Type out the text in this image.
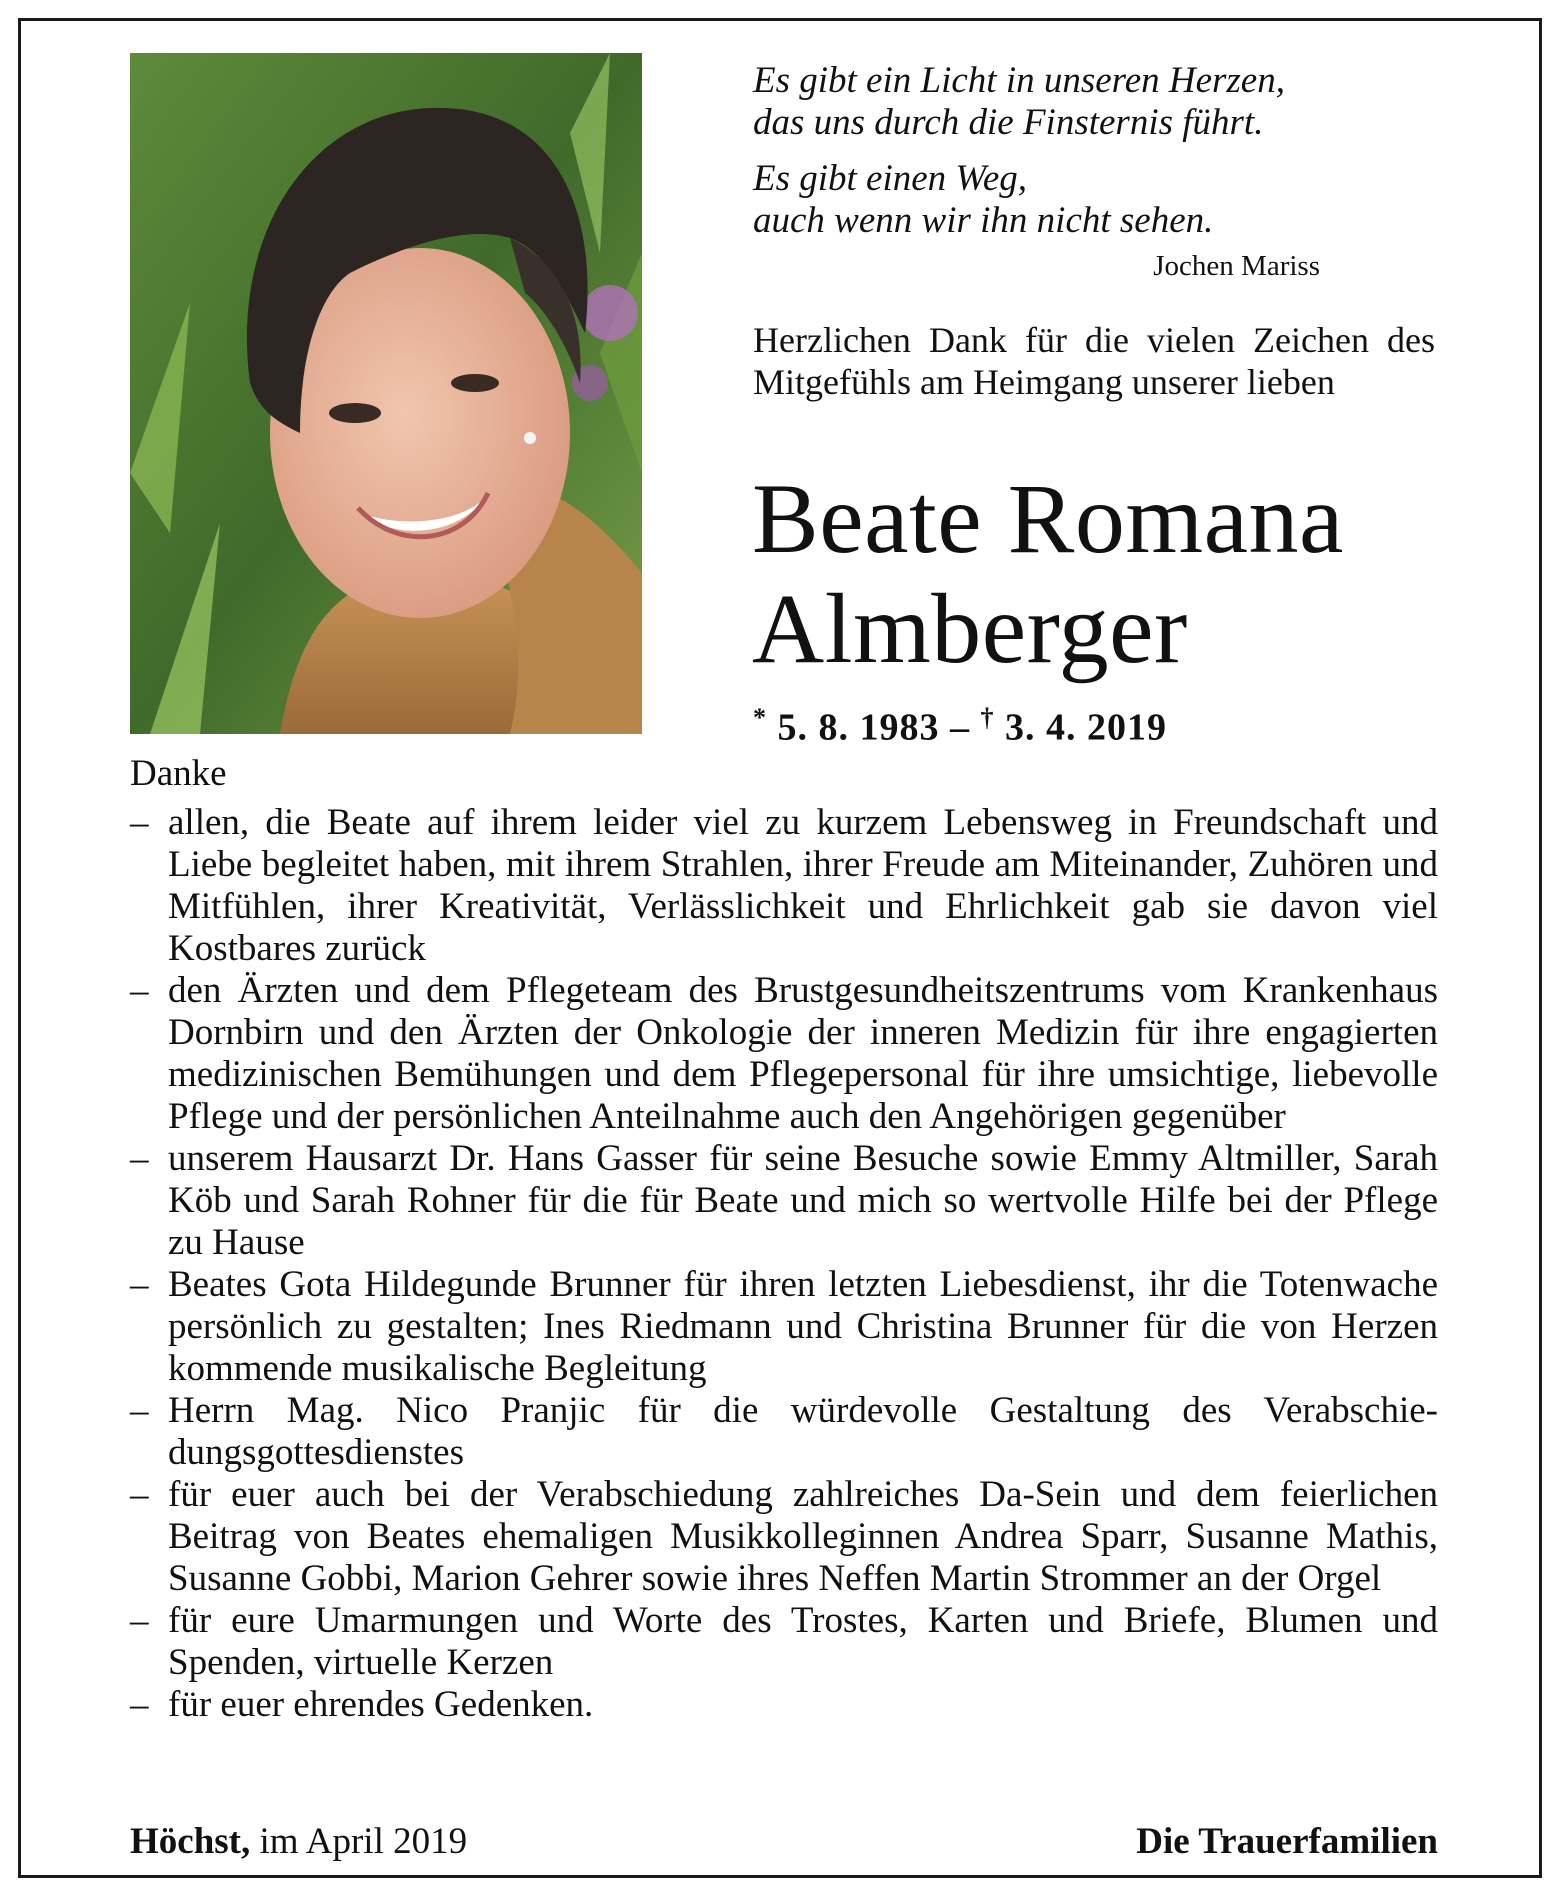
Es gibt ein Licht in unseren Herzen,

das uns durch die Finsternis führt.

Es gibt einen Weg,

auch wenn wir ihn nicht sehen.

Jochen Mariss
Herzlichen Dank für die vielen Zeichen des Mitgefühls am Heimgang unserer lieben
Beate Romana
Almberger
* 5. 8. 1983 – † 3. 4. 2019
Danke
– allen, die Beate auf ihrem leider viel zu kurzem Lebensweg in Freundschaft und Liebe begleitet haben, mit ihrem Strahlen, ihrer Freude am Miteinander, Zuhören und Mitfühlen, ihrer Kreativität, Verlässlichkeit und Ehrlichkeit gab sie davon viel Kostbares zurück
– den Ärzten und dem Pflegeteam des Brustgesundheitszentrums vom Krankenhaus Dornbirn und den Ärzten der Onkologie der inneren Medizin für ihre engagierten medizinischen Bemühungen und dem Pflegepersonal für ihre umsichtige, liebevolle Pflege und der persönlichen Anteilnahme auch den Angehörigen gegenüber
– unserem Hausarzt Dr. Hans Gasser für seine Besuche sowie Emmy Altmiller, Sarah Köb und Sarah Rohner für die für Beate und mich so wertvolle Hilfe bei der Pflege zu Hause
– Beates Gota Hildegunde Brunner für ihren letzten Liebesdienst, ihr die Totenwache persönlich zu gestalten; Ines Riedmann und Christina Brunner für die von Herzen kommende musikalische Begleitung
– Herrn Mag. Nico Pranjic für die würdevolle Gestaltung des Verabschiedungsgottesdienstes
– für euer auch bei der Verabschiedung zahlreiches Da-Sein und dem feierlichen Beitrag von Beates ehemaligen Musikkolleginnen Andrea Sparr, Susanne Mathis, Susanne Gobbi, Marion Gehrer sowie ihres Neffen Martin Strommer an der Orgel
– für eure Umarmungen und Worte des Trostes, Karten und Briefe, Blumen und Spenden, virtuelle Kerzen
– für euer ehrendes Gedenken.
Höchst, im April 2019	Die Trauerfamilien
